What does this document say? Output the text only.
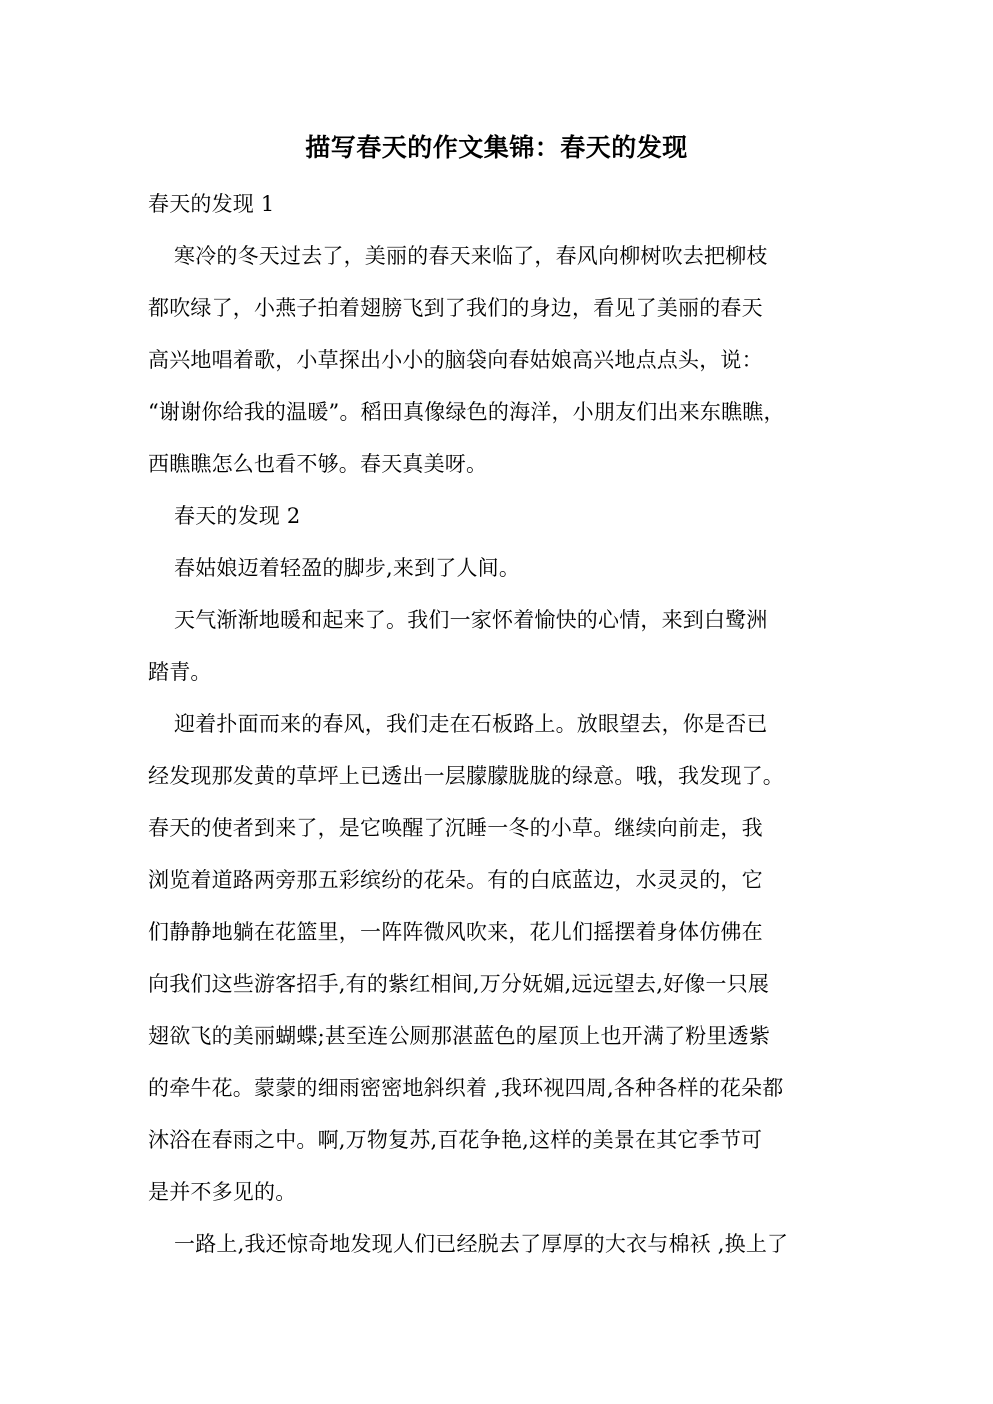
描写春天的作文集锦：春天的发现
春天的发现 1
寒冷的冬天过去了，美丽的春天来临了，春风向柳树吹去把柳枝
都吹绿了，小燕子拍着翅膀飞到了我们的身边，看见了美丽的春天
高兴地唱着歌，小草探出小小的脑袋向春姑娘高兴地点点头，说：
“谢谢你给我的温暖”。稻田真像绿色的海洋，小朋友们出来东瞧瞧，
西瞧瞧怎么也看不够。春天真美呀。
春天的发现 2
春姑娘迈着轻盈的脚步,来到了人间。
天气渐渐地暖和起来了。我们一家怀着愉快的心情，来到白鹭洲
踏青。
迎着扑面而来的春风，我们走在石板路上。放眼望去，你是否已
经发现那发黄的草坪上已透出一层朦朦胧胧的绿意。哦，我发现了。
春天的使者到来了，是它唤醒了沉睡一冬的小草。继续向前走，我
浏览着道路两旁那五彩缤纷的花朵。有的白底蓝边，水灵灵的，它
们静静地躺在花篮里，一阵阵微风吹来，花儿们摇摆着身体仿佛在
向我们这些游客招手,有的紫红相间,万分妩媚,远远望去,好像一只展
翅欲飞的美丽蝴蝶;甚至连公厕那湛蓝色的屋顶上也开满了粉里透紫
的牵牛花。蒙蒙的细雨密密地斜织着 ,我环视四周,各种各样的花朵都
沐浴在春雨之中。啊,万物复苏,百花争艳,这样的美景在其它季节可
是并不多见的。
一路上,我还惊奇地发现人们已经脱去了厚厚的大衣与棉袄 ,换上了
